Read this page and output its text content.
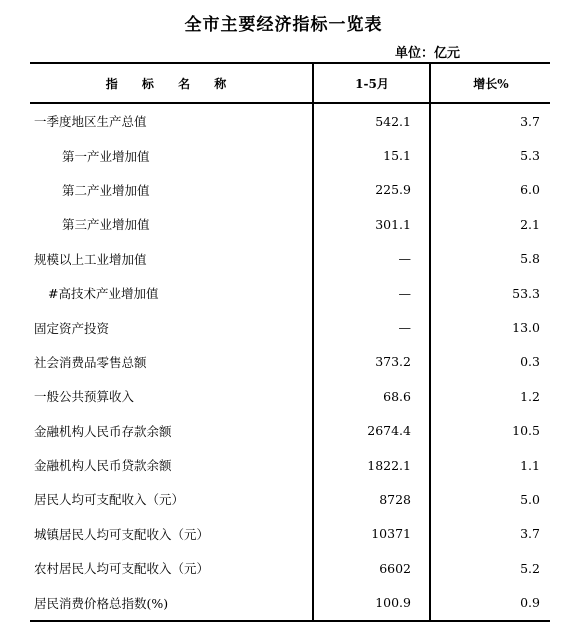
全市主要经济指标一览表
单位：亿元
指 标 名 称	1-5月	增长%
一季度地区生产总值	542.1	3.7
第一产业增加值	15.1	5.3
第二产业增加值	225.9	6.0
第三产业增加值	301.1	2.1
规模以上工业增加值	—	5.8
#高技术产业增加值	—	53.3
固定资产投资	—	13.0
社会消费品零售总额	373.2	0.3
一般公共预算收入	68.6	1.2
金融机构人民币存款余额	2674.4	10.5
金融机构人民币贷款余额	1822.1	1.1
居民人均可支配收入（元）	8728	5.0
城镇居民人均可支配收入（元）	10371	3.7
农村居民人均可支配收入（元）	6602	5.2
居民消费价格总指数(%)	100.9	0.9
